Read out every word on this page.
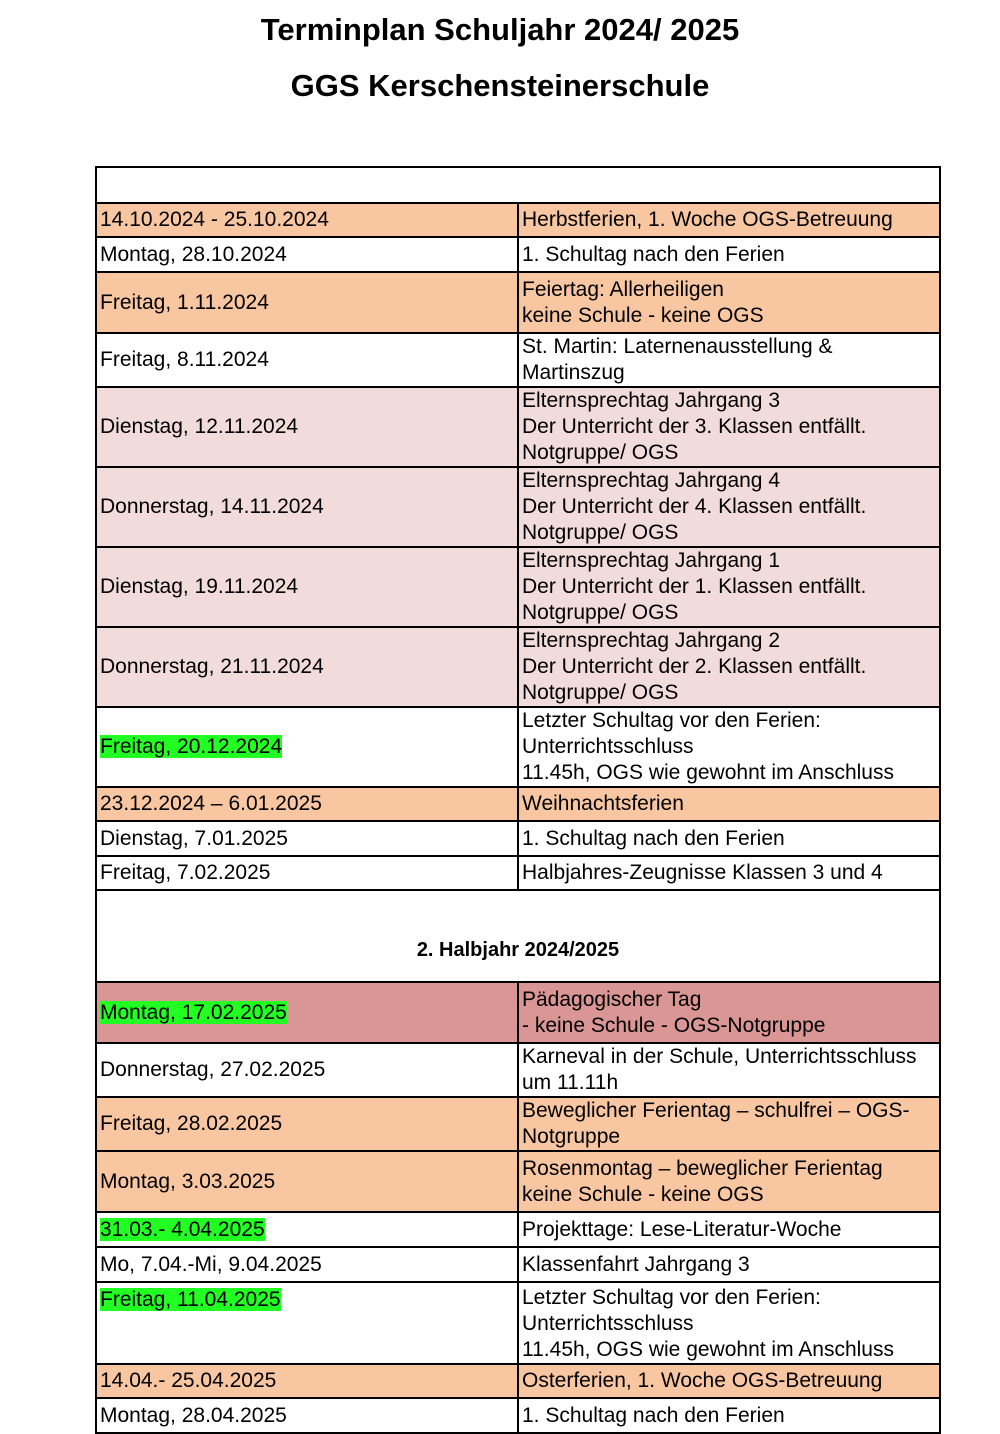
Terminplan Schuljahr 2024/ 2025
GGS Kerschensteinerschule

14.10.2024 - 25.10.2024	Herbstferien, 1. Woche OGS-Betreuung
Montag, 28.10.2024	1. Schultag nach den Ferien
Freitag, 1.11.2024	Feiertag: Allerheiligen
keine Schule - keine OGS
Freitag, 8.11.2024	St. Martin: Laternenausstellung & Martinszug
Dienstag, 12.11.2024	Elternsprechtag Jahrgang 3
Der Unterricht der 3. Klassen entfällt. Notgruppe/ OGS
Donnerstag, 14.11.2024	Elternsprechtag Jahrgang 4
Der Unterricht der 4. Klassen entfällt. Notgruppe/ OGS
Dienstag, 19.11.2024	Elternsprechtag Jahrgang 1
Der Unterricht der 1. Klassen entfällt. Notgruppe/ OGS
Donnerstag, 21.11.2024	Elternsprechtag Jahrgang 2
Der Unterricht der 2. Klassen entfällt. Notgruppe/ OGS
Freitag, 20.12.2024	Letzter Schultag vor den Ferien: Unterrichtsschluss
11.45h, OGS wie gewohnt im Anschluss
23.12.2024 – 6.01.2025	Weihnachtsferien
Dienstag, 7.01.2025	1. Schultag nach den Ferien
Freitag, 7.02.2025	Halbjahres-Zeugnisse Klassen 3 und 4
2. Halbjahr 2024/2025	
Montag, 17.02.2025	Pädagogischer Tag
- keine Schule - OGS-Notgruppe
Donnerstag, 27.02.2025	Karneval in der Schule, Unterrichtsschluss um 11.11h
Freitag, 28.02.2025	Beweglicher Ferientag – schulfrei – OGS-Notgruppe
Montag, 3.03.2025	Rosenmontag – beweglicher Ferientag
keine Schule - keine OGS
31.03.- 4.04.2025	Projekttage: Lese-Literatur-Woche
Mo, 7.04.-Mi, 9.04.2025	Klassenfahrt Jahrgang 3
Freitag, 11.04.2025	Letzter Schultag vor den Ferien: Unterrichtsschluss
11.45h, OGS wie gewohnt im Anschluss
14.04.- 25.04.2025	Osterferien, 1. Woche OGS-Betreuung
Montag, 28.04.2025	1. Schultag nach den Ferien
